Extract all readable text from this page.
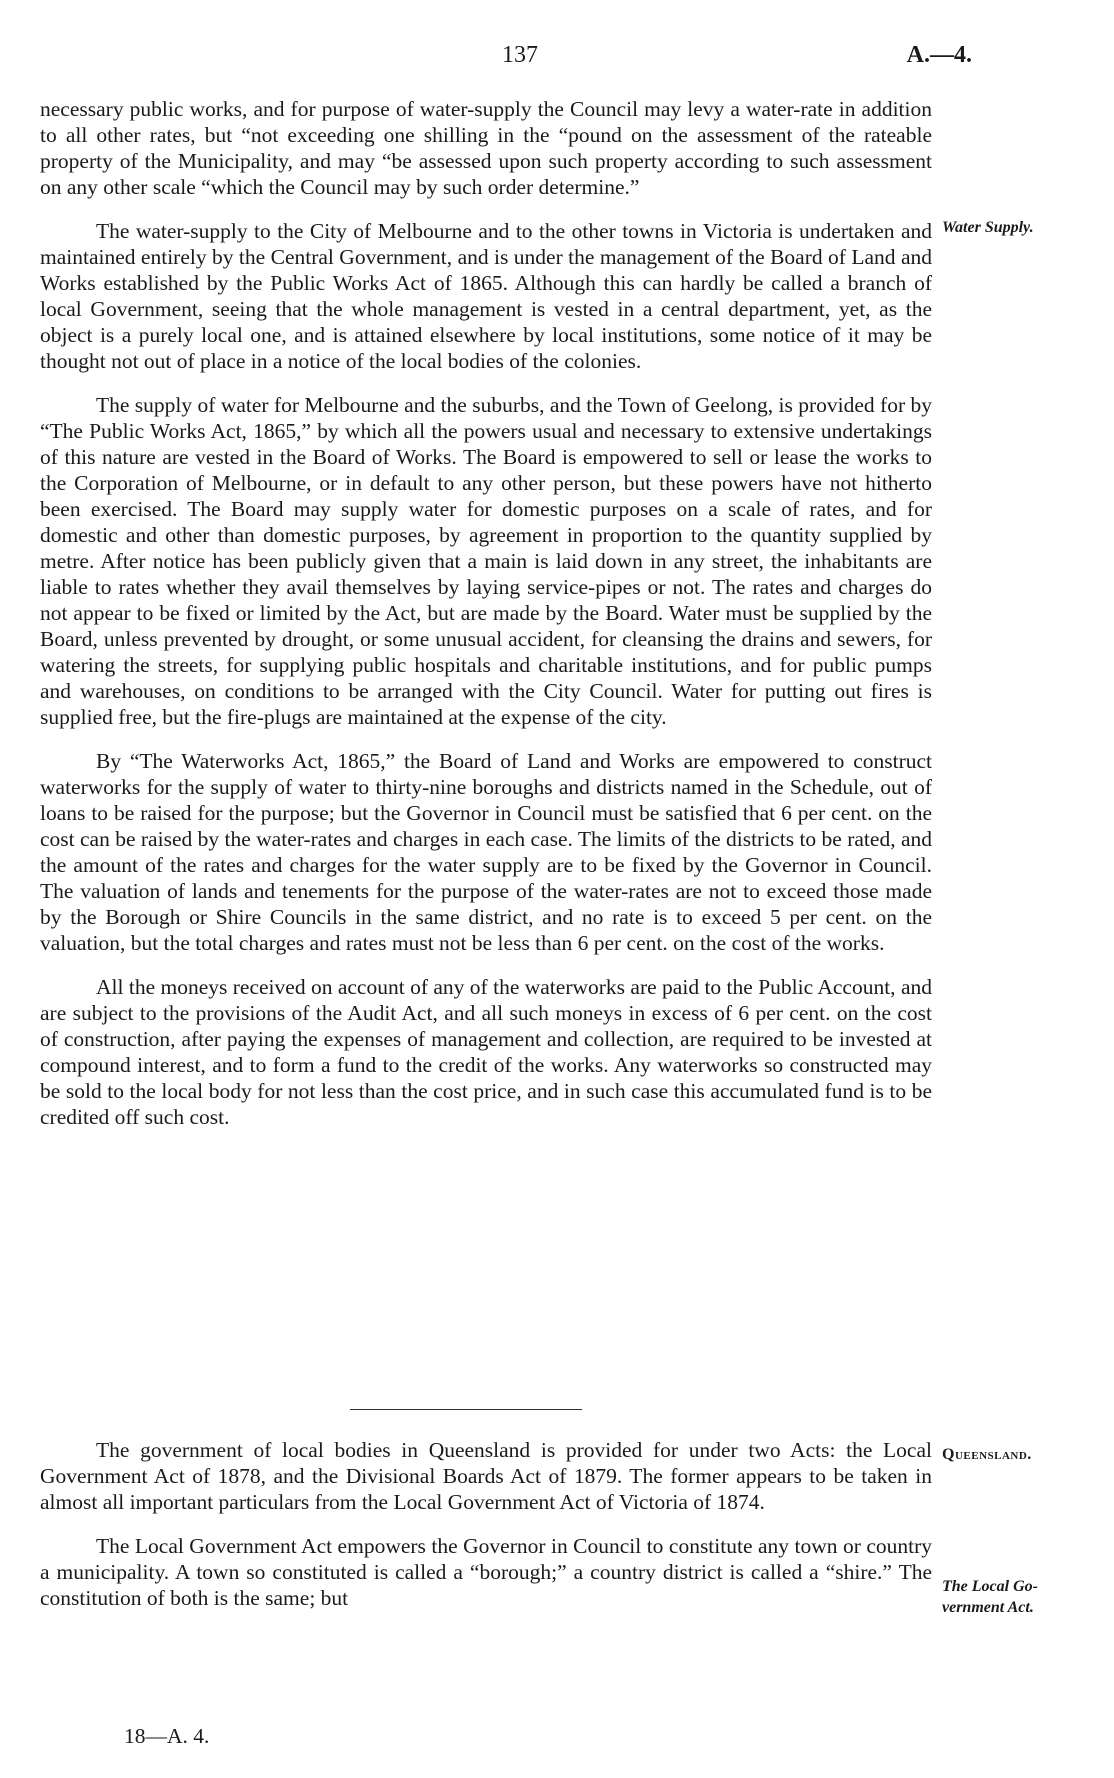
137	A.—4.

necessary public works, and for purpose of water-supply the Council may levy a water-rate in addition to all other rates, but “not exceeding one shilling in the “pound on the assessment of the rateable property of the Municipality, and may “be assessed upon such property according to such assessment on any other scale “which the Council may by such order determine.”

The water-supply to the City of Melbourne and to the other towns in Victoria is undertaken and maintained entirely by the Central Government, and is under the management of the Board of Land and Works established by the Public Works Act of 1865. Although this can hardly be called a branch of local Government, seeing that the whole management is vested in a central department, yet, as the object is a purely local one, and is attained elsewhere by local institutions, some notice of it may be thought not out of place in a notice of the local bodies of the colonies.

The supply of water for Melbourne and the suburbs, and the Town of Geelong, is provided for by “The Public Works Act, 1865,” by which all the powers usual and necessary to extensive undertakings of this nature are vested in the Board of Works. The Board is empowered to sell or lease the works to the Corporation of Melbourne, or in default to any other person, but these powers have not hitherto been exercised. The Board may supply water for domestic purposes on a scale of rates, and for domestic and other than domestic purposes, by agreement in proportion to the quantity supplied by metre. After notice has been publicly given that a main is laid down in any street, the inhabitants are liable to rates whether they avail themselves by laying service-pipes or not. The rates and charges do not appear to be fixed or limited by the Act, but are made by the Board. Water must be supplied by the Board, unless prevented by drought, or some unusual accident, for cleansing the drains and sewers, for watering the streets, for supplying public hospitals and charitable institutions, and for public pumps and warehouses, on conditions to be arranged with the City Council. Water for putting out fires is supplied free, but the fire-plugs are maintained at the expense of the city.

By “The Waterworks Act, 1865,” the Board of Land and Works are empowered to construct waterworks for the supply of water to thirty-nine boroughs and districts named in the Schedule, out of loans to be raised for the purpose; but the Governor in Council must be satisfied that 6 per cent. on the cost can be raised by the water-rates and charges in each case. The limits of the districts to be rated, and the amount of the rates and charges for the water supply are to be fixed by the Governor in Council. The valuation of lands and tenements for the purpose of the water-rates are not to exceed those made by the Borough or Shire Councils in the same district, and no rate is to exceed 5 per cent. on the valuation, but the total charges and rates must not be less than 6 per cent. on the cost of the works.

All the moneys received on account of any of the waterworks are paid to the Public Account, and are subject to the provisions of the Audit Act, and all such moneys in excess of 6 per cent. on the cost of construction, after paying the expenses of management and collection, are required to be invested at compound interest, and to form a fund to the credit of the works. Any waterworks so constructed may be sold to the local body for not less than the cost price, and in such case this accumulated fund is to be credited off such cost.

Water Supply.

The government of local bodies in Queensland is provided for under two Acts: the Local Government Act of 1878, and the Divisional Boards Act of 1879. The former appears to be taken in almost all important particulars from the Local Government Act of Victoria of 1874.

The Local Government Act empowers the Governor in Council to constitute any town or country a municipality. A town so constituted is called a “borough;” a country district is called a “shire.” The constitution of both is the same; but

Queensland.
The Local Go-
vernment Act.
18—A. 4.
